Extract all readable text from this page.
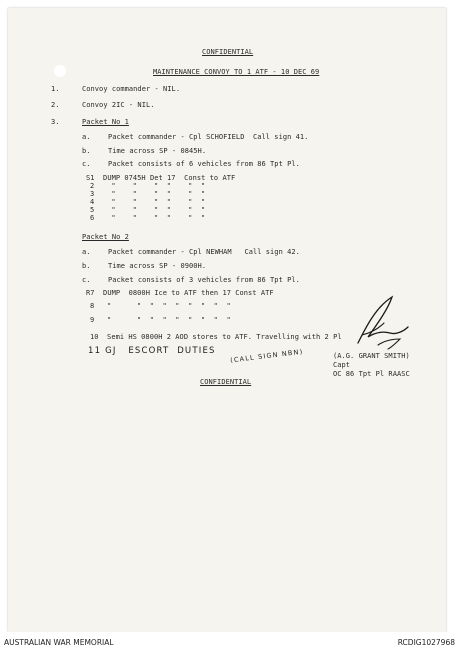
CONFIDENTIAL
MAINTENANCE CONVOY TO 1 ATF - 10 DEC 69
1.	Convoy commander - NIL.
2.	Convoy 2IC - NIL.
3.	Packet No 1
a. Packet commander - Cpl SCHOFIELD  Call sign 41.
b. Time across SP - 0845H.
c. Packet consists of 6 vehicles from 86 Tpt Pl.
S1  DUMP 0745H Det 17  Const to ATF
2    "    "    "  "    "  "
3    "    "    "  "    "  "
4    "    "    "  "    "  "
5    "    "    "  "    "  "
6    "    "    "  "    "  "
Packet No 2
a. Packet commander - Cpl NEWHAM   Call sign 42.
b. Time across SP - 0900H.
c. Packet consists of 3 vehicles from 86 Tpt Pl.
R7  DUMP  0800H Ice to ATF then 17 Const ATF
8   "      "  "  "  "  "  "  "  "
9   "      "  "  "  "  "  "  "  "
10  Semi HS 0800H 2 AOD stores to ATF. Travelling with 2 Pl
11 GJ   ESCORT  DUTIES (CALL SIGN NBN)	(A.G. GRANT SMITH)
Capt
OC 86 Tpt Pl RAASC
CONFIDENTIAL
AUSTRALIAN WAR MEMORIAL	RCDIG1027968
